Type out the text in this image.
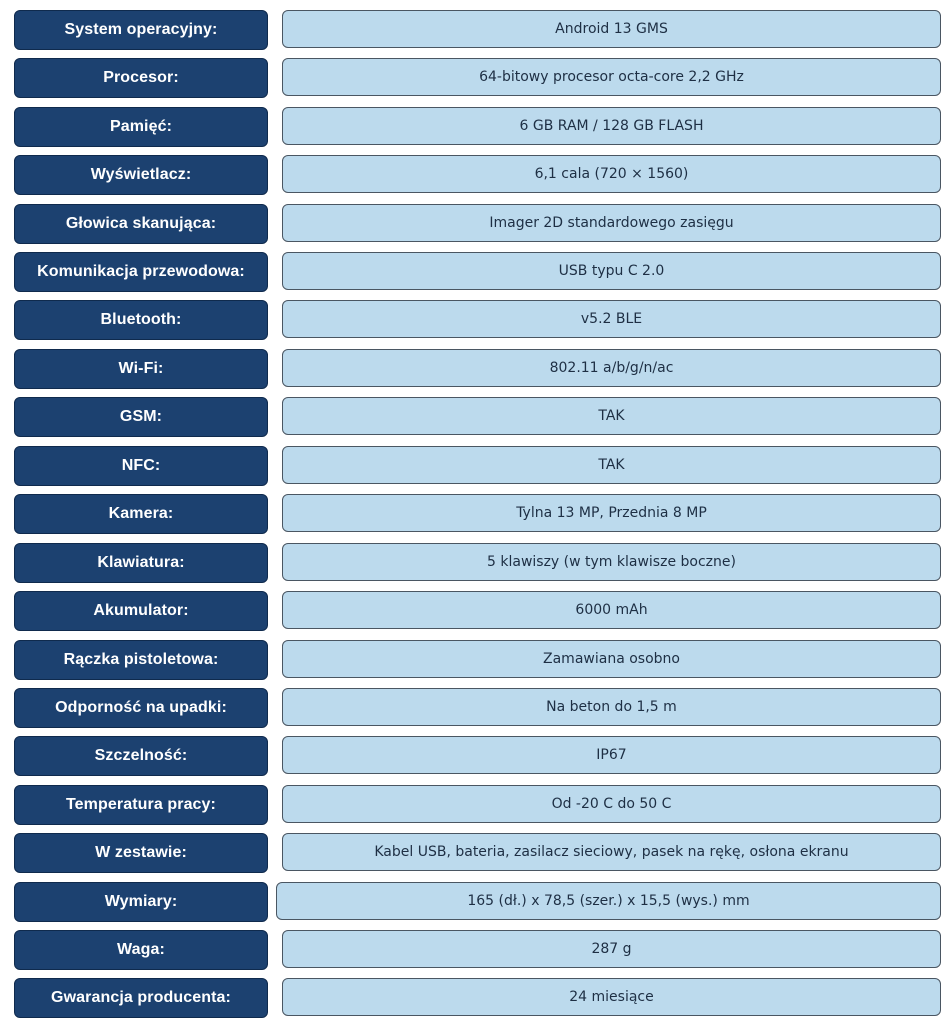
System operacyjny:	Android 13 GMS
Procesor:	64-bitowy procesor octa-core 2,2 GHz
Pamięć:	6 GB RAM / 128 GB FLASH
Wyświetlacz:	6,1 cala (720 × 1560)
Głowica skanująca:	Imager 2D standardowego zasięgu
Komunikacja przewodowa:	USB typu C 2.0
Bluetooth:	v5.2 BLE
Wi-Fi:	802.11 a/b/g/n/ac
GSM:	TAK
NFC:	TAK
Kamera:	Tylna 13 MP, Przednia 8 MP
Klawiatura:	5 klawiszy (w tym klawisze boczne)
Akumulator:	6000 mAh
Rączka pistoletowa:	Zamawiana osobno
Odporność na upadki:	Na beton do 1,5 m
Szczelność:	IP67
Temperatura pracy:	Od -20 C do 50 C
W zestawie:	Kabel USB, bateria, zasilacz sieciowy, pasek na rękę, osłona ekranu
Wymiary:	165 (dł.) x 78,5 (szer.) x 15,5 (wys.) mm
Waga:	287 g
Gwarancja producenta:	24 miesiące
